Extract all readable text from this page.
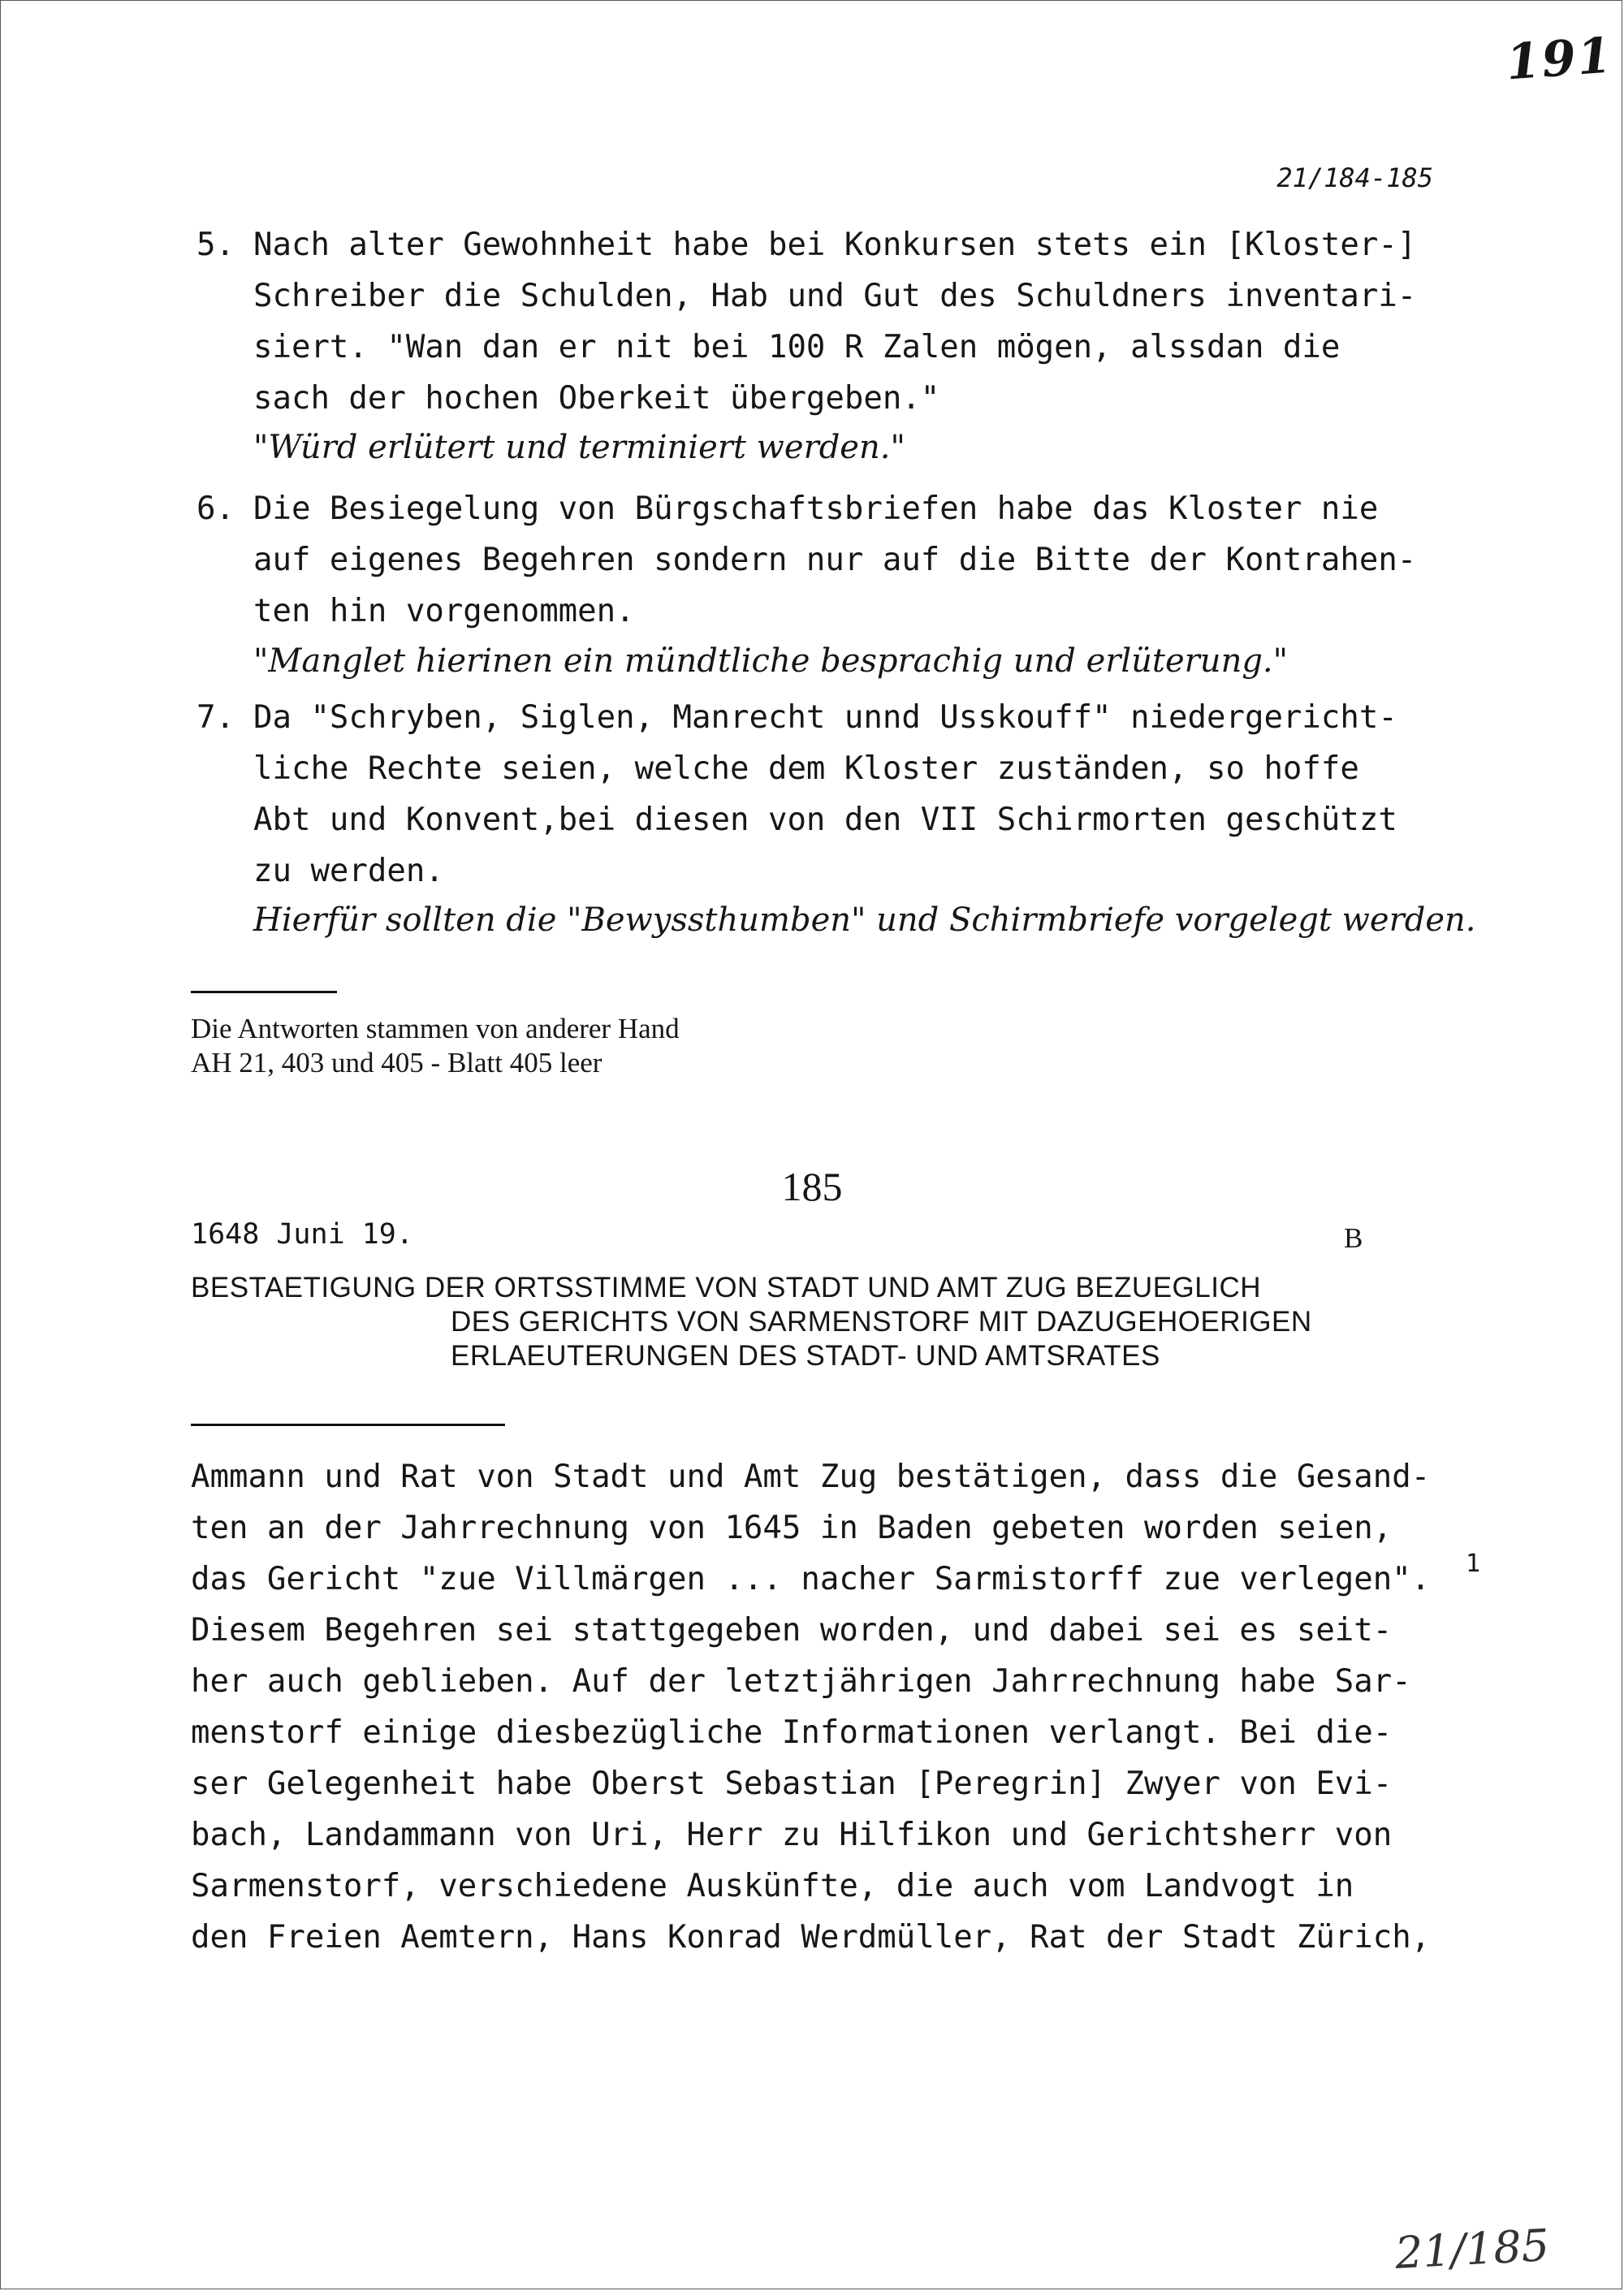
191
21/184-185
5. Nach alter Gewohnheit habe bei Konkursen stets ein [Kloster-]
Schreiber die Schulden, Hab und Gut des Schuldners inventari-
siert. "Wan dan er nit bei 100 R Zalen mögen, alssdan die
sach der hochen Oberkeit übergeben."
"Würd erlütert und terminiert werden."
6. Die Besiegelung von Bürgschaftsbriefen habe das Kloster nie
auf eigenes Begehren sondern nur auf die Bitte der Kontrahen-
ten hin vorgenommen.
"Manglet hierinen ein mündtliche besprachig und erlüterung."
7. Da "Schryben, Siglen, Manrecht unnd Usskouff" niedergericht-
liche Rechte seien, welche dem Kloster zuständen, so hoffe
Abt und Konvent,bei diesen von den VII Schirmorten geschützt
zu werden.
Hierfür sollten die "Bewyssthumben" und Schirmbriefe vorgelegt werden.
Die Antworten stammen von anderer Hand
AH 21, 403 und 405 - Blatt 405 leer
185
1648 Juni 19.	B
BESTAETIGUNG DER ORTSSTIMME VON STADT UND AMT ZUG BEZUEGLICH
DES GERICHTS VON SARMENSTORF MIT DAZUGEHOERIGEN
ERLAEUTERUNGEN DES STADT- UND AMTSRATES
Ammann und Rat von Stadt und Amt Zug bestätigen, dass die Gesand-
ten an der Jahrrechnung von 1645 in Baden gebeten worden seien,
das Gericht "zue Villmärgen ... nacher Sarmistorff zue verlegen". 1
Diesem Begehren sei stattgegeben worden, und dabei sei es seit-
her auch geblieben. Auf der letztjährigen Jahrrechnung habe Sar-
menstorf einige diesbezügliche Informationen verlangt. Bei die-
ser Gelegenheit habe Oberst Sebastian [Peregrin] Zwyer von Evi-
bach, Landammann von Uri, Herr zu Hilfikon und Gerichtsherr von
Sarmenstorf, verschiedene Auskünfte, die auch vom Landvogt in
den Freien Aemtern, Hans Konrad Werdmüller, Rat der Stadt Zürich,
21/185
